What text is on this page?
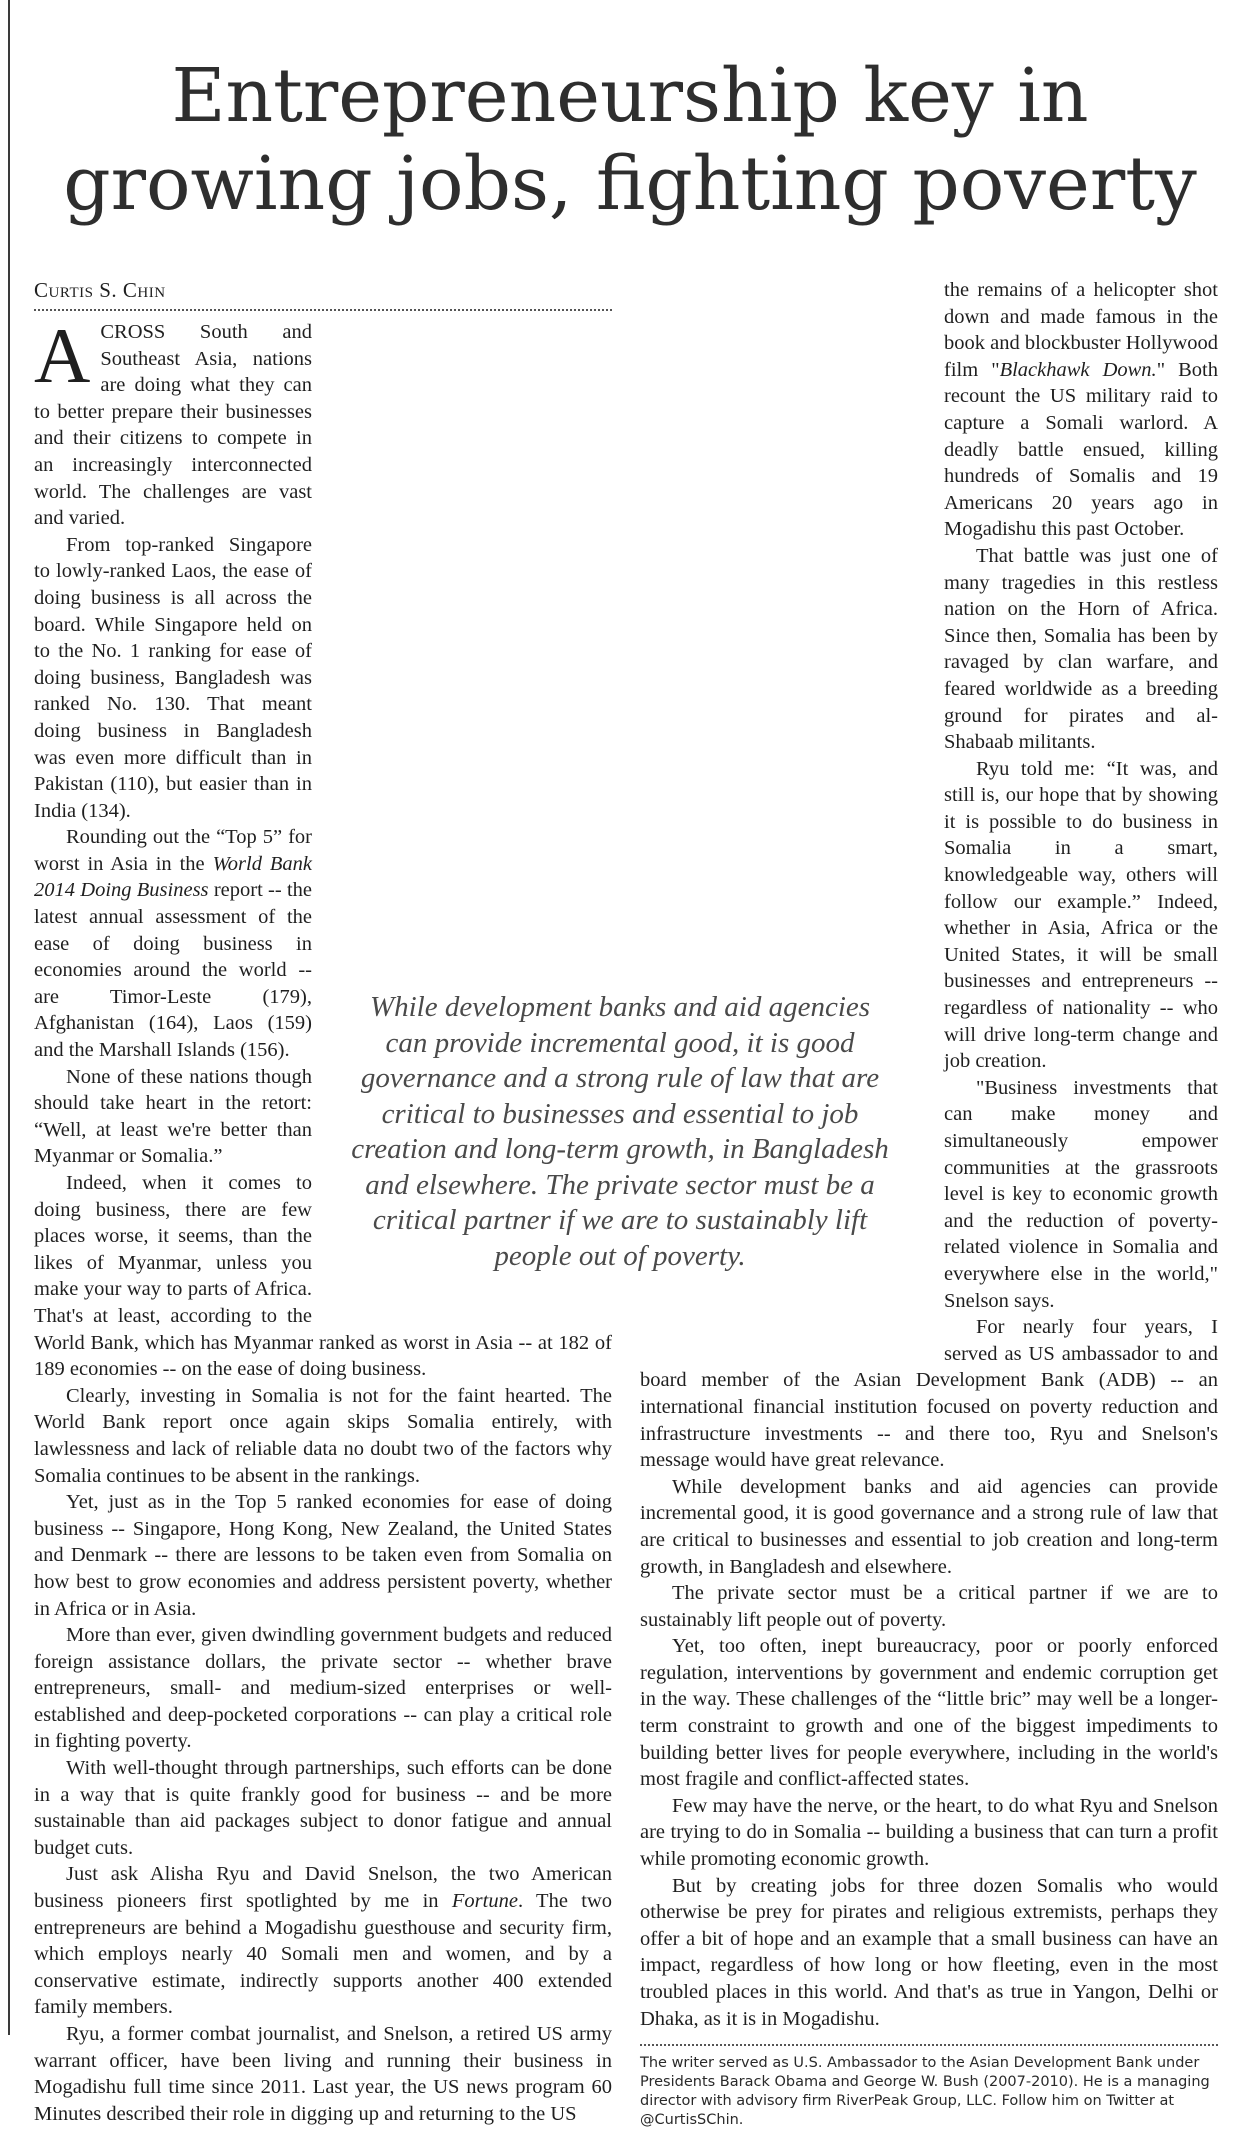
Entrepreneurship key in growing jobs, fighting poverty
Curtis S. Chin

ACROSS South and Southeast Asia, nations are doing what they can to better prepare their businesses and their citizens to compete in an increasingly interconnected world. The challenges are vast and varied.

From top-ranked Singapore to lowly-ranked Laos, the ease of doing business is all across the board. While Singapore held on to the No. 1 ranking for ease of doing business, Bangladesh was ranked No. 130. That meant doing business in Bangladesh was even more difficult than in Pakistan (110), but easier than in India (134).

Rounding out the “Top 5” for worst in Asia in the World Bank 2014 Doing Business report -- the latest annual assessment of the ease of doing business in economies around the world -- are Timor-Leste (179), Afghanistan (164), Laos (159) and the Marshall Islands (156).

None of these nations though should take heart in the retort: “Well, at least we're better than Myanmar or Somalia.”

Indeed, when it comes to doing business, there are few places worse, it seems, than the likes of Myanmar, unless you make your way to parts of Africa. That's at least, according to the World Bank, which has Myanmar ranked as worst in Asia -- at 182 of 189 economies -- on the ease of doing business.

Clearly, investing in Somalia is not for the faint hearted. The World Bank report once again skips Somalia entirely, with lawlessness and lack of reliable data no doubt two of the factors why Somalia continues to be absent in the rankings.

Yet, just as in the Top 5 ranked economies for ease of doing business -- Singapore, Hong Kong, New Zealand, the United States and Denmark -- there are lessons to be taken even from Somalia on how best to grow economies and address persistent poverty, whether in Africa or in Asia.

More than ever, given dwindling government budgets and reduced foreign assistance dollars, the private sector -- whether brave entrepreneurs, small- and medium-sized enterprises or well-established and deep-pocketed corporations -- can play a critical role in fighting poverty.

With well-thought through partnerships, such efforts can be done in a way that is quite frankly good for business -- and be more sustainable than aid packages subject to donor fatigue and annual budget cuts.

Just ask Alisha Ryu and David Snelson, the two American business pioneers first spotlighted by me in Fortune. The two entrepreneurs are behind a Mogadishu guesthouse and security firm, which employs nearly 40 Somali men and women, and by a conservative estimate, indirectly supports another 400 extended family members.

Ryu, a former combat journalist, and Snelson, a retired US army warrant officer, have been living and running their business in Mogadishu full time since 2011. Last year, the US news program 60 Minutes described their role in digging up and returning to the US

the remains of a helicopter shot down and made famous in the book and blockbuster Hollywood film "Blackhawk Down." Both recount the US military raid to capture a Somali warlord. A deadly battle ensued, killing hundreds of Somalis and 19 Americans 20 years ago in Mogadishu this past October.

That battle was just one of many tragedies in this restless nation on the Horn of Africa. Since then, Somalia has been by ravaged by clan warfare, and feared worldwide as a breeding ground for pirates and al-Shabaab militants.

Ryu told me: “It was, and still is, our hope that by showing it is possible to do business in Somalia in a smart, knowledgeable way, others will follow our example.” Indeed, whether in Asia, Africa or the United States, it will be small businesses and entrepreneurs -- regardless of nationality -- who will drive long-term change and job creation.

"Business investments that can make money and simultaneously empower communities at the grassroots level is key to economic growth and the reduction of poverty-related violence in Somalia and everywhere else in the world," Snelson says.

For nearly four years, I served as US ambassador to and board member of the Asian Development Bank (ADB) -- an international financial institution focused on poverty reduction and infrastructure investments -- and there too, Ryu and Snelson's message would have great relevance.

While development banks and aid agencies can provide incremental good, it is good governance and a strong rule of law that are critical to businesses and essential to job creation and long-term growth, in Bangladesh and elsewhere.

The private sector must be a critical partner if we are to sustainably lift people out of poverty.

Yet, too often, inept bureaucracy, poor or poorly enforced regulation, interventions by government and endemic corruption get in the way. These challenges of the “little bric” may well be a longer-term constraint to growth and one of the biggest impediments to building better lives for people everywhere, including in the world's most fragile and conflict-affected states.

Few may have the nerve, or the heart, to do what Ryu and Snelson are trying to do in Somalia -- building a business that can turn a profit while promoting economic growth.

But by creating jobs for three dozen Somalis who would otherwise be prey for pirates and religious extremists, perhaps they offer a bit of hope and an example that a small business can have an impact, regardless of how long or how fleeting, even in the most troubled places in this world. And that's as true in Yangon, Delhi or Dhaka, as it is in Mogadishu.

The writer served as U.S. Ambassador to the Asian Development Bank under Presidents Barack Obama and George W. Bush (2007-2010). He is a managing director with advisory firm RiverPeak Group, LLC. Follow him on Twitter at @CurtisSChin.
While development banks and aid agencies can provide incremental good, it is good governance and a strong rule of law that are critical to businesses and essential to job creation and long-term growth, in Bangladesh and elsewhere. The private sector must be a critical partner if we are to sustainably lift people out of poverty.
